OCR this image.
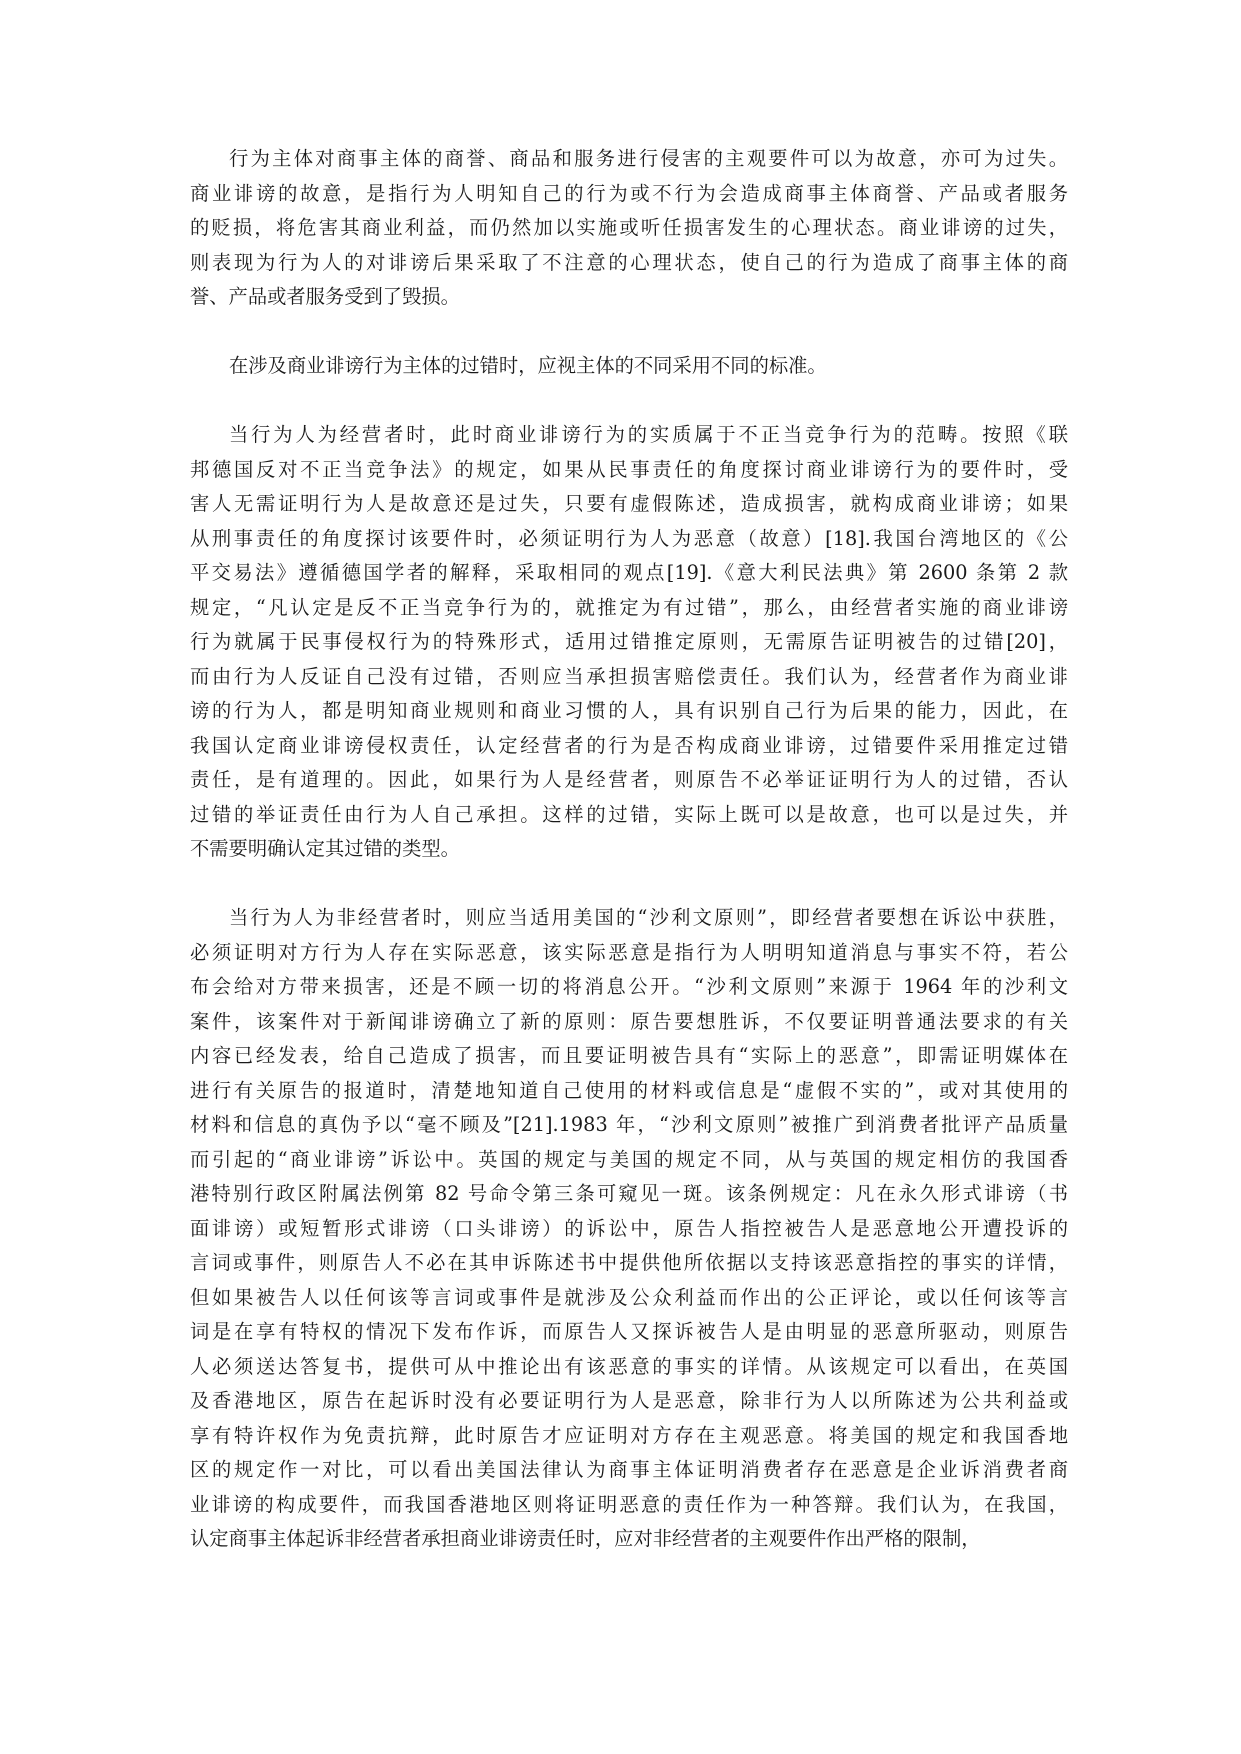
行为主体对商事主体的商誉、商品和服务进行侵害的主观要件可以为故意，亦可为过失。
商业诽谤的故意，是指行为人明知自己的行为或不行为会造成商事主体商誉、产品或者服务
的贬损，将危害其商业利益，而仍然加以实施或听任损害发生的心理状态。商业诽谤的过失，
则表现为行为人的对诽谤后果采取了不注意的心理状态，使自己的行为造成了商事主体的商
誉、产品或者服务受到了毁损。
在涉及商业诽谤行为主体的过错时，应视主体的不同采用不同的标准。
当行为人为经营者时，此时商业诽谤行为的实质属于不正当竞争行为的范畴。按照《联
邦德国反对不正当竞争法》的规定，如果从民事责任的角度探讨商业诽谤行为的要件时，受
害人无需证明行为人是故意还是过失，只要有虚假陈述，造成损害，就构成商业诽谤；如果
从刑事责任的角度探讨该要件时，必须证明行为人为恶意（故意）[18].我国台湾地区的《公
平交易法》遵循德国学者的解释，采取相同的观点[19].《意大利民法典》第 2600 条第 2 款
规定，“凡认定是反不正当竞争行为的，就推定为有过错”，那么，由经营者实施的商业诽谤
行为就属于民事侵权行为的特殊形式，适用过错推定原则，无需原告证明被告的过错[20]，
而由行为人反证自己没有过错，否则应当承担损害赔偿责任。我们认为，经营者作为商业诽
谤的行为人，都是明知商业规则和商业习惯的人，具有识别自己行为后果的能力，因此，在
我国认定商业诽谤侵权责任，认定经营者的行为是否构成商业诽谤，过错要件采用推定过错
责任，是有道理的。因此，如果行为人是经营者，则原告不必举证证明行为人的过错，否认
过错的举证责任由行为人自己承担。这样的过错，实际上既可以是故意，也可以是过失，并
不需要明确认定其过错的类型。
当行为人为非经营者时，则应当适用美国的“沙利文原则”，即经营者要想在诉讼中获胜，
必须证明对方行为人存在实际恶意，该实际恶意是指行为人明明知道消息与事实不符，若公
布会给对方带来损害，还是不顾一切的将消息公开。“沙利文原则”来源于 1964 年的沙利文
案件，该案件对于新闻诽谤确立了新的原则：原告要想胜诉，不仅要证明普通法要求的有关
内容已经发表，给自己造成了损害，而且要证明被告具有“实际上的恶意”，即需证明媒体在
进行有关原告的报道时，清楚地知道自己使用的材料或信息是“虚假不实的”，或对其使用的
材料和信息的真伪予以“毫不顾及”[21].1983 年，“沙利文原则”被推广到消费者批评产品质量
而引起的“商业诽谤”诉讼中。英国的规定与美国的规定不同，从与英国的规定相仿的我国香
港特别行政区附属法例第 82 号命令第三条可窥见一斑。该条例规定：凡在永久形式诽谤（书
面诽谤）或短暂形式诽谤（口头诽谤）的诉讼中，原告人指控被告人是恶意地公开遭投诉的
言词或事件，则原告人不必在其申诉陈述书中提供他所依据以支持该恶意指控的事实的详情，
但如果被告人以任何该等言词或事件是就涉及公众利益而作出的公正评论，或以任何该等言
词是在享有特权的情况下发布作诉，而原告人又探诉被告人是由明显的恶意所驱动，则原告
人必须送达答复书，提供可从中推论出有该恶意的事实的详情。从该规定可以看出，在英国
及香港地区，原告在起诉时没有必要证明行为人是恶意，除非行为人以所陈述为公共利益或
享有特许权作为免责抗辩，此时原告才应证明对方存在主观恶意。将美国的规定和我国香地
区的规定作一对比，可以看出美国法律认为商事主体证明消费者存在恶意是企业诉消费者商
业诽谤的构成要件，而我国香港地区则将证明恶意的责任作为一种答辩。我们认为，在我国，
认定商事主体起诉非经营者承担商业诽谤责任时，应对非经营者的主观要件作出严格的限制，
